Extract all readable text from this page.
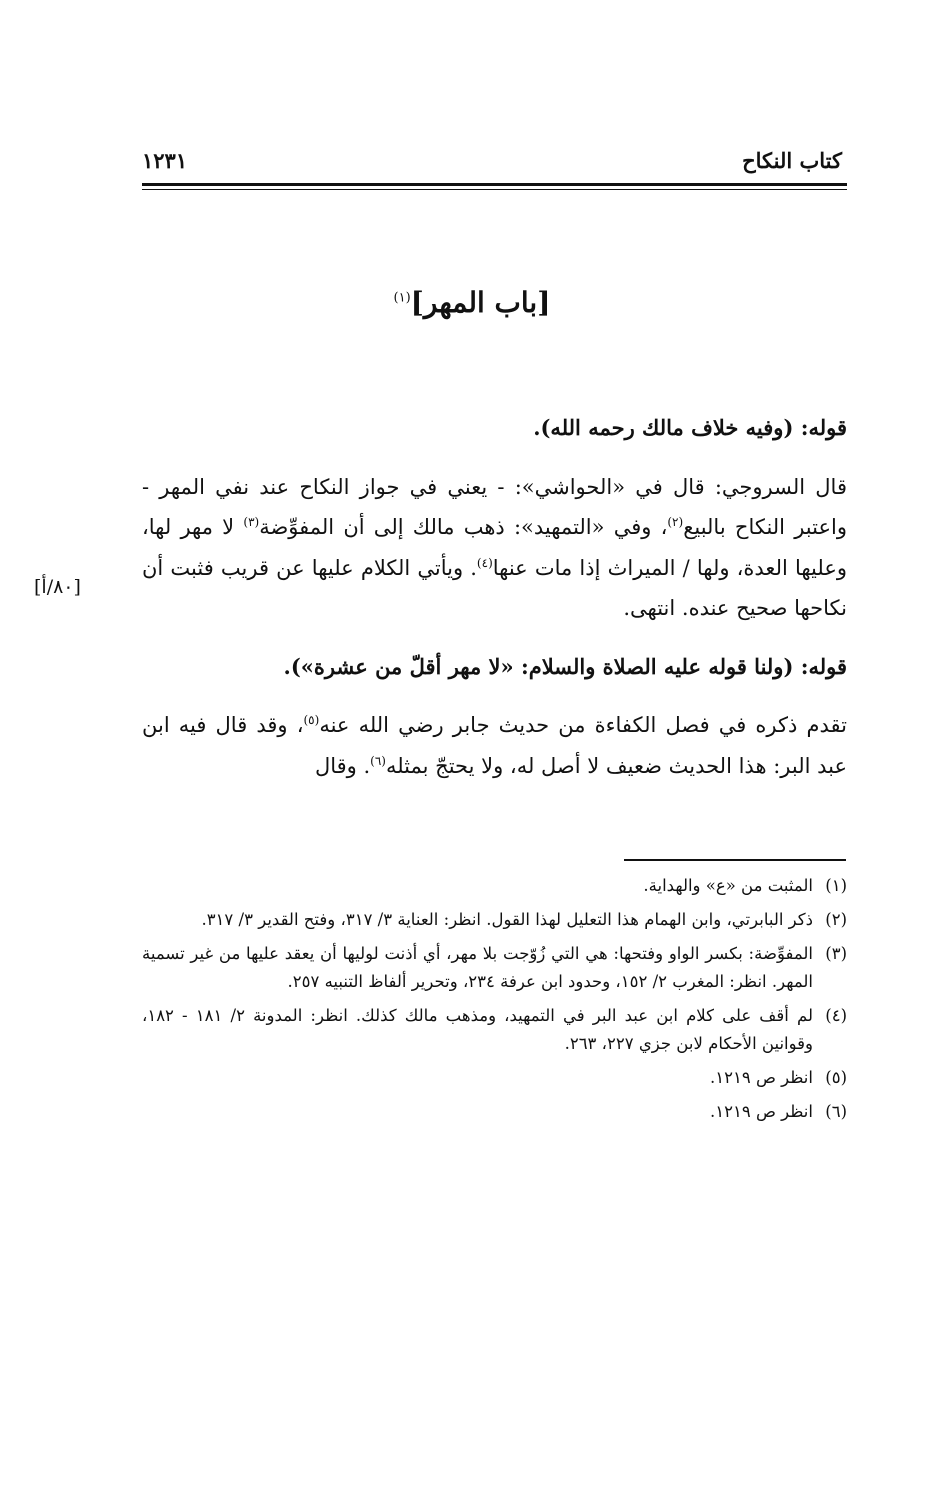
كتاب النكاح
١٢٣١
[باب المهر]$^{(١)}$

قوله: (وفيه خلاف مالك رحمه الله).

قال السروجي: قال في «الحواشي»: - يعني في جواز النكاح عند نفي المهر - واعتبر النكاح بالبيع$^{(٢)}$، وفي «التمهيد»: ذهب مالك إلى أن المفوِّضة$^{(٣)}$ لا مهر لها، وعليها العدة، ولها / الميراث إذا مات عنها$^{(٤)}$. ويأتي الكلام عليها عن قريب فثبت أن نكاحها صحيح عنده. انتهى.

قوله: (ولنا قوله عليه الصلاة والسلام: «لا مهر أقلّ من عشرة»).

تقدم ذكره في فصل الكفاءة من حديث جابر رضي الله عنه$^{(٥)}$، وقد قال فيه ابن عبد البر: هذا الحديث ضعيف لا أصل له، ولا يحتجّ بمثله$^{(٦)}$. وقال

[٨٠/أ]
(١)
المثبت من «ع» والهداية.
(٢)
ذكر البابرتي، وابن الهمام هذا التعليل لهذا القول. انظر: العناية ٣/ ٣١٧، وفتح القدير ٣/ ٣١٧.
(٣)
المفوِّضة: بكسر الواو وفتحها: هي التي زُوّجت بلا مهر، أي أذنت لوليها أن يعقد عليها من غير تسمية المهر. انظر: المغرب ٢/ ١٥٢، وحدود ابن عرفة ٢٣٤، وتحرير ألفاظ التنبيه ٢٥٧.
(٤)
لم أقف على كلام ابن عبد البر في التمهيد، ومذهب مالك كذلك. انظر: المدونة ٢/ ١٨١ - ١٨٢، وقوانين الأحكام لابن جزي ٢٢٧، ٢٦٣.
(٥)
انظر ص ١٢١٩.
(٦)
انظر ص ١٢١٩.
